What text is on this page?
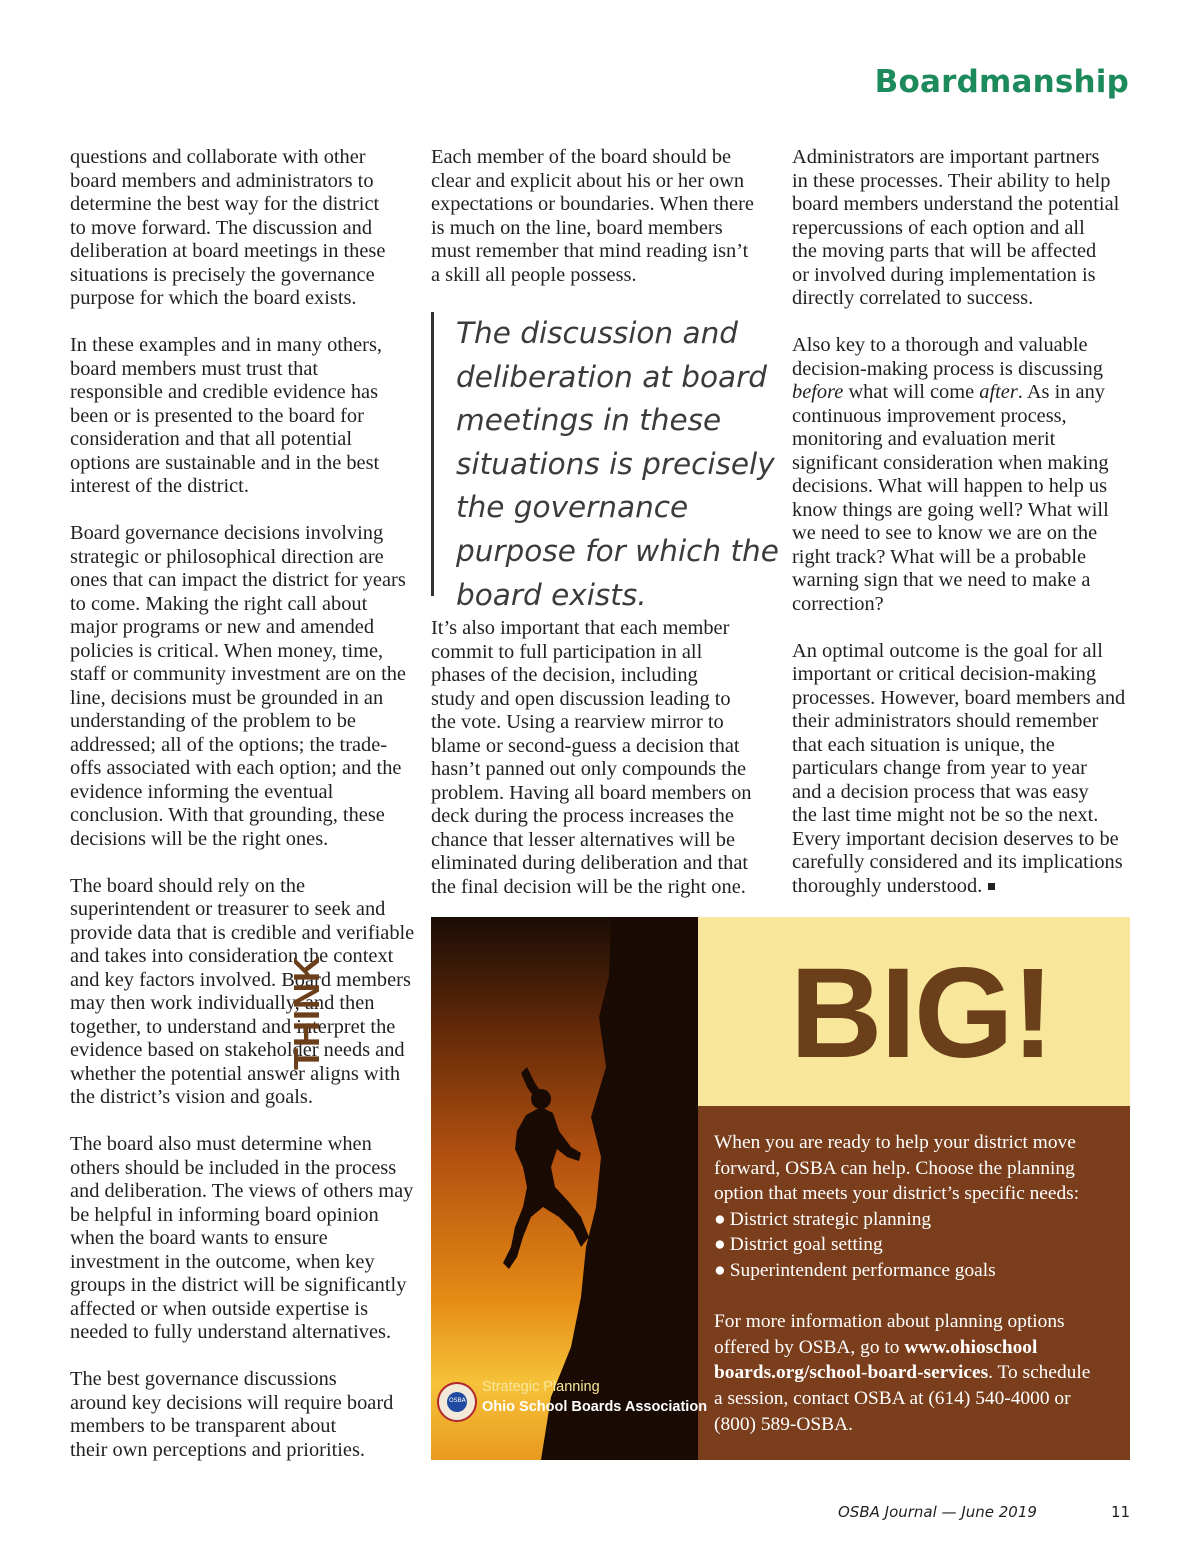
Boardmanship

questions and collaborate with other
board members and administrators to
determine the best way for the district
to move forward. The discussion and
deliberation at board meetings in these
situations is precisely the governance
purpose for which the board exists.

In these examples and in many others,
board members must trust that
responsible and credible evidence has
been or is presented to the board for
consideration and that all potential
options are sustainable and in the best
interest of the district.

Board governance decisions involving
strategic or philosophical direction are
ones that can impact the district for years
to come. Making the right call about
major programs or new and amended
policies is critical. When money, time,
staff or community investment are on the
line, decisions must be grounded in an
understanding of the problem to be
addressed; all of the options; the trade-
offs associated with each option; and the
evidence informing the eventual
conclusion. With that grounding, these
decisions will be the right ones.

The board should rely on the
superintendent or treasurer to seek and
provide data that is credible and verifiable
and takes into consideration the context
and key factors involved. Board members
may then work individually, and then
together, to understand and interpret the
evidence based on stakeholder needs and
whether the potential answer aligns with
the district’s vision and goals.

The board also must determine when
others should be included in the process
and deliberation. The views of others may
be helpful in informing board opinion
when the board wants to ensure
investment in the outcome, when key
groups in the district will be significantly
affected or when outside expertise is
needed to fully understand alternatives.

The best governance discussions
around key decisions will require board
members to be transparent about
their own perceptions and priorities.

Each member of the board should be
clear and explicit about his or her own
expectations or boundaries. When there
is much on the line, board members
must remember that mind reading isn’t
a skill all people possess.

The discussion and
deliberation at board
meetings in these
situations is precisely
the governance
purpose for which the
board exists.

It’s also important that each member
commit to full participation in all
phases of the decision, including
study and open discussion leading to
the vote. Using a rearview mirror to
blame or second-guess a decision that
hasn’t panned out only compounds the
problem. Having all board members on
deck during the process increases the
chance that lesser alternatives will be
eliminated during deliberation and that
the final decision will be the right one.

Administrators are important partners
in these processes. Their ability to help
board members understand the potential
repercussions of each option and all
the moving parts that will be affected
or involved during implementation is
directly correlated to success.

Also key to a thorough and valuable
decision-making process is discussing
before what will come after. As in any
continuous improvement process,
monitoring and evaluation merit
significant consideration when making
decisions. What will happen to help us
know things are going well? What will
we need to see to know we are on the
right track? What will be a probable
warning sign that we need to make a
correction?

An optimal outcome is the goal for all
important or critical decision-making
processes. However, board members and
their administrators should remember
that each situation is unique, the
particulars change from year to year
and a decision process that was easy
the last time might not be so the next.
Every important decision deserves to be
carefully considered and its implications
thoroughly understood.

THINK	BIG!

When you are ready to help your district move
forward, OSBA can help. Choose the planning
option that meets your district’s specific needs:

● District strategic planning
● District goal setting
● Superintendent performance goals

For more information about planning options
offered by OSBA, go to www.ohioschool
boards.org/school-board-services. To schedule
a session, contact OSBA at (614) 540-4000 or
(800) 589-OSBA.

OSBA
Strategic Planning
Ohio School Boards Association
OSBA Journal — June 2019	11
